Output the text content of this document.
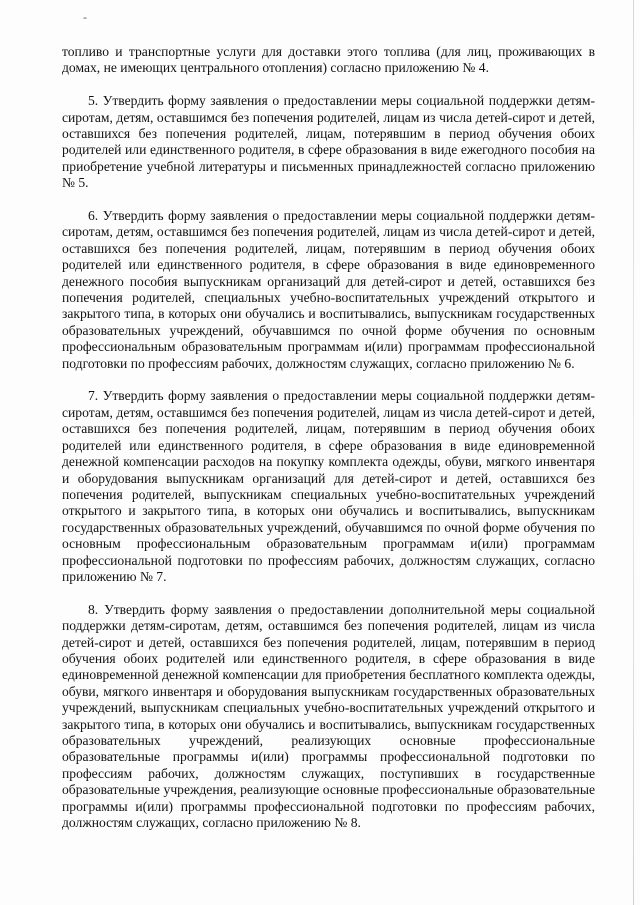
-

топливо и транспортные услуги для доставки этого топлива (для лиц, проживающих в домах, не имеющих центрального отопления) согласно приложению № 4.

5. Утвердить форму заявления о предоставлении меры социальной поддержки детям-сиротам, детям, оставшимся без попечения родителей, лицам из числа детей-сирот и детей, оставшихся без попечения родителей, лицам, потерявшим в период обучения обоих родителей или единственного родителя, в сфере образования в виде ежегодного пособия на приобретение учебной литературы и письменных принадлежностей согласно приложению № 5.

6. Утвердить форму заявления о предоставлении меры социальной поддержки детям-сиротам, детям, оставшимся без попечения родителей, лицам из числа детей-сирот и детей, оставшихся без попечения родителей, лицам, потерявшим в период обучения обоих родителей или единственного родителя, в сфере образования в виде единовременного денежного пособия выпускникам организаций для детей-сирот и детей, оставшихся без попечения родителей, специальных учебно-воспитательных учреждений открытого и закрытого типа, в которых они обучались и воспитывались, выпускникам государственных образовательных учреждений, обучавшимся по очной форме обучения по основным профессиональным образовательным программам и(или) программам профессиональной подготовки по профессиям рабочих, должностям служащих, согласно приложению № 6.

7. Утвердить форму заявления о предоставлении меры социальной поддержки детям-сиротам, детям, оставшимся без попечения родителей, лицам из числа детей-сирот и детей, оставшихся без попечения родителей, лицам, потерявшим в период обучения обоих родителей или единственного родителя, в сфере образования в виде единовременной денежной компенсации расходов на покупку комплекта одежды, обуви, мягкого инвентаря и оборудования выпускникам организаций для детей-сирот и детей, оставшихся без попечения родителей, выпускникам специальных учебно-воспитательных учреждений открытого и закрытого типа, в которых они обучались и воспитывались, выпускникам государственных образовательных учреждений, обучавшимся по очной форме обучения по основным профессиональным образовательным программам и(или) программам профессиональной подготовки по профессиям рабочих, должностям служащих, согласно приложению № 7.

8. Утвердить форму заявления о предоставлении дополнительной меры социальной поддержки детям-сиротам, детям, оставшимся без попечения родителей, лицам из числа детей-сирот и детей, оставшихся без попечения родителей, лицам, потерявшим в период обучения обоих родителей или единственного родителя, в сфере образования в виде единовременной денежной компенсации для приобретения бесплатного комплекта одежды, обуви, мягкого инвентаря и оборудования выпускникам государственных образовательных учреждений, выпускникам специальных учебно-воспитательных учреждений открытого и закрытого типа, в которых они обучались и воспитывались, выпускникам государственных образовательных учреждений, реализующих основные профессиональные образовательные программы и(или) программы профессиональной подготовки по профессиям рабочих, должностям служащих, поступивших в государственные образовательные учреждения, реализующие основные профессиональные образовательные программы и(или) программы профессиональной подготовки по профессиям рабочих, должностям служащих, согласно приложению № 8.
